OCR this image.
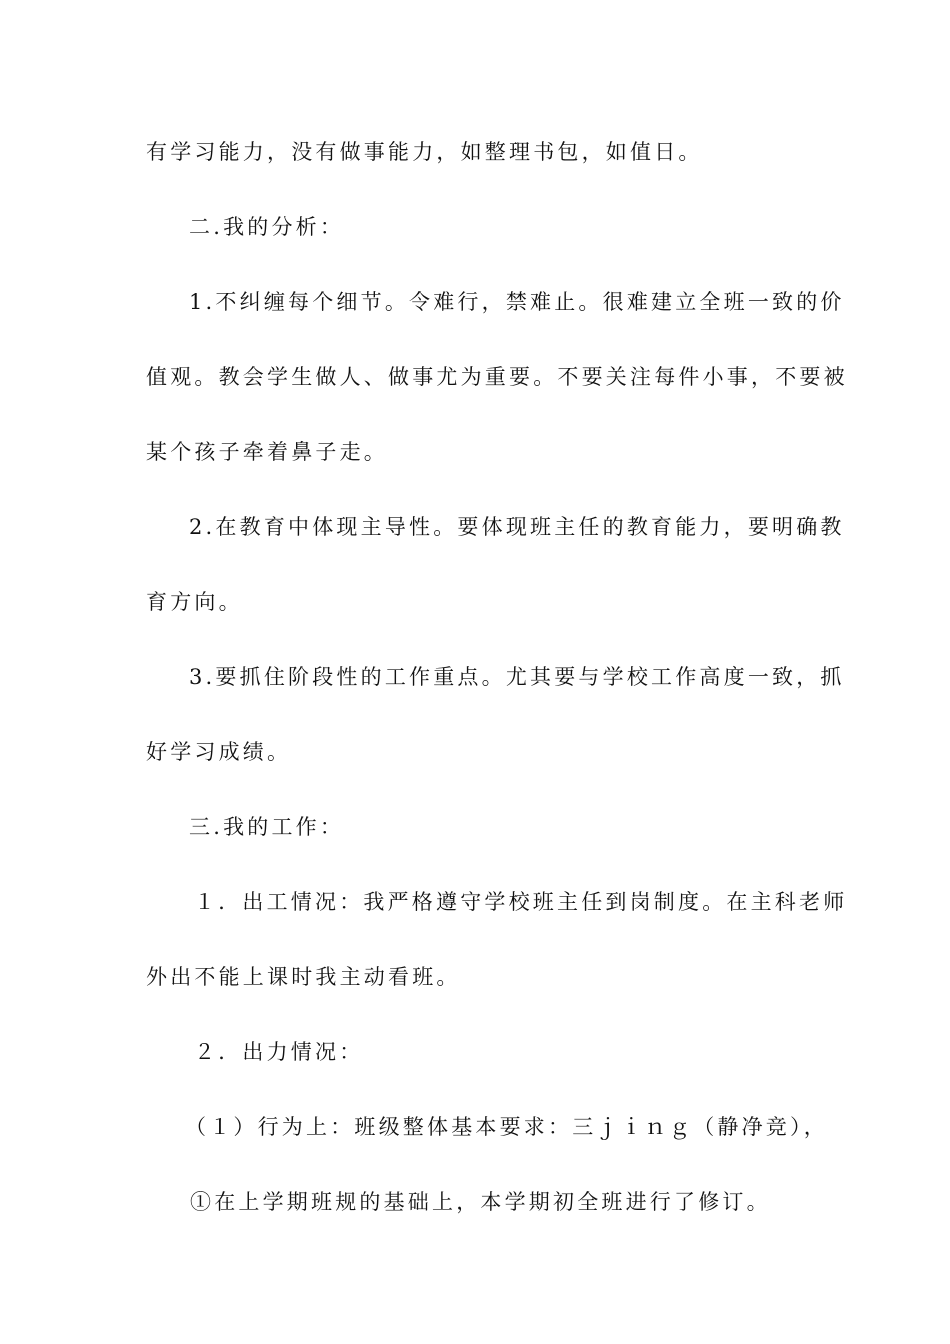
有学习能力，没有做事能力，如整理书包，如值日。
二.我的分析：
1.不纠缠每个细节。令难行，禁难止。很难建立全班一致的价
值观。教会学生做人、做事尤为重要。不要关注每件小事，不要被
某个孩子牵着鼻子走。
2.在教育中体现主导性。要体现班主任的教育能力，要明确教
育方向。
3.要抓住阶段性的工作重点。尤其要与学校工作高度一致，抓
好学习成绩。
三.我的工作：
１．出工情况：我严格遵守学校班主任到岗制度。在主科老师
外出不能上课时我主动看班。
２．出力情况：
（１）行为上：班级整体基本要求：三ｊｉｎｇ（静净竞），
①在上学期班规的基础上，本学期初全班进行了修订。
